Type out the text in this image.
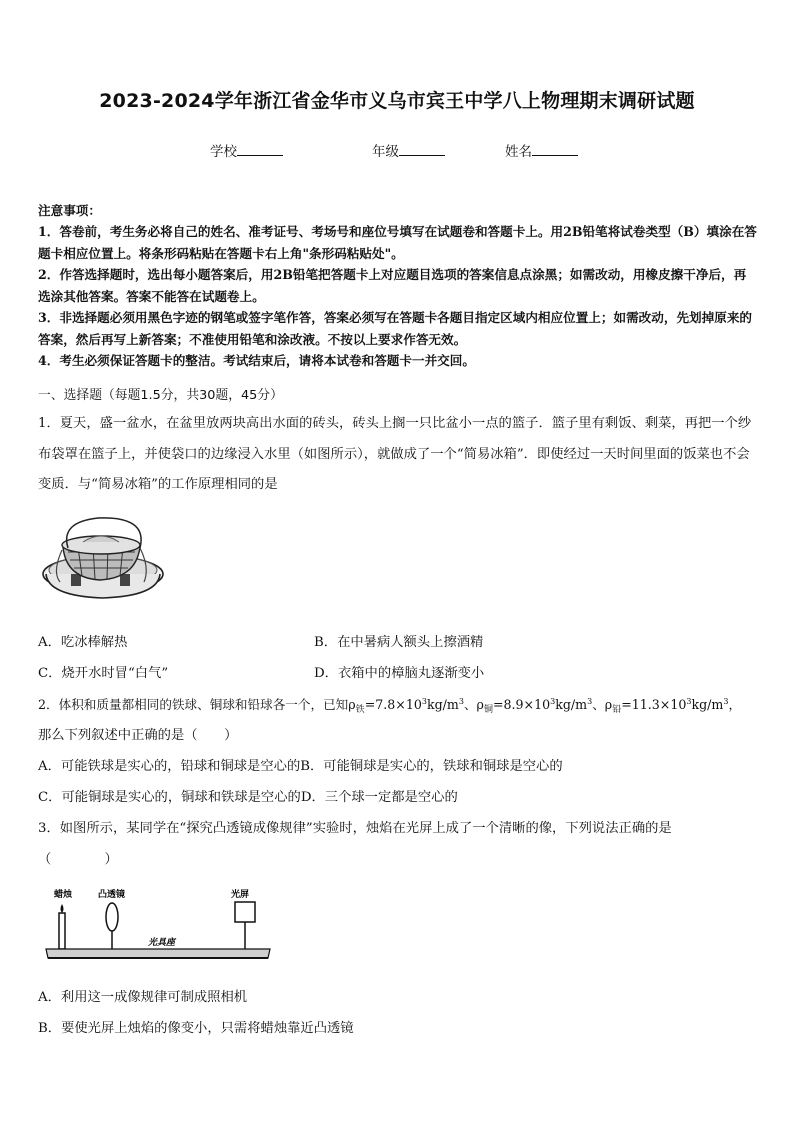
2023-2024学年浙江省金华市义乌市宾王中学八上物理期末调研试题
学校	年级	姓名
注意事项：
1．答卷前，考生务必将自己的姓名、准考证号、考场号和座位号填写在试题卷和答题卡上。用2B铅笔将试卷类型（B）填涂在答题卡相应位置上。将条形码粘贴在答题卡右上角"条形码粘贴处"。
2．作答选择题时，选出每小题答案后，用2B铅笔把答题卡上对应题目选项的答案信息点涂黑；如需改动，用橡皮擦干净后，再选涂其他答案。答案不能答在试题卷上。
3．非选择题必须用黑色字迹的钢笔或签字笔作答，答案必须写在答题卡各题目指定区域内相应位置上；如需改动，先划掉原来的答案，然后再写上新答案；不准使用铅笔和涂改液。不按以上要求作答无效。
4．考生必须保证答题卡的整洁。考试结束后，请将本试卷和答题卡一并交回。
一、选择题（每题1.5分，共30题，45分）
1．夏天，盛一盆水，在盆里放两块高出水面的砖头，砖头上搁一只比盆小一点的篮子．篮子里有剩饭、剩菜，再把一个纱布袋罩在篮子上，并使袋口的边缘浸入水里（如图所示），就做成了一个“简易冰箱”．即使经过一天时间里面的饭菜也不会变质．与“简易冰箱”的工作原理相同的是
A．吃冰棒解热	B．在中暑病人额头上擦酒精
C．烧开水时冒“白气”	D．衣箱中的樟脑丸逐渐变小
2．体积和质量都相同的铁球、铜球和铅球各一个，已知$\rho_铁=7.8\times 10^3kg/m^3$、$\rho_铜=8.9\times 10^3kg/m^3$、$\rho_铅=11.3\times 10^3kg/m^3$，
那么下列叙述中正确的是（　　）
A．可能铁球是实心的，铅球和铜球是空心的B．可能铜球是实心的，铁球和铜球是空心的
C．可能铜球是实心的，铜球和铁球是空心的D．三个球一定都是空心的
3．如图所示，某同学在“探究凸透镜成像规律”实验时，烛焰在光屏上成了一个清晰的像，下列说法正确的是
（　　　　）
蜡烛	凸透镜	光屏
光具座
A．利用这一成像规律可制成照相机
B．要使光屏上烛焰的像变小，只需将蜡烛靠近凸透镜
